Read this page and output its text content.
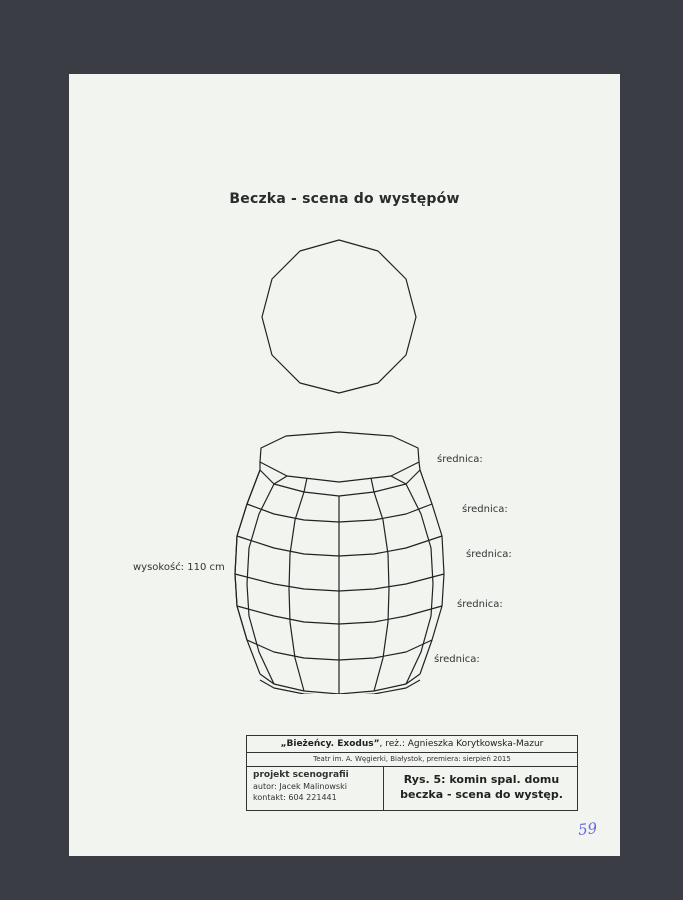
Beczka - scena do występów
wysokość: 110 cm
średnica:
średnica:
średnica:
średnica:
średnica:
„Bieżeńcy. Exodus”, reż.: Agnieszka Korytkowska-Mazur
Teatr im. A. Węgierki, Białystok, premiera: sierpień 2015
projekt scenografii
autor: Jacek Malinowski
kontakt: 604 221441
Rys. 5: komin spal. domu
beczka - scena do występ.
59
